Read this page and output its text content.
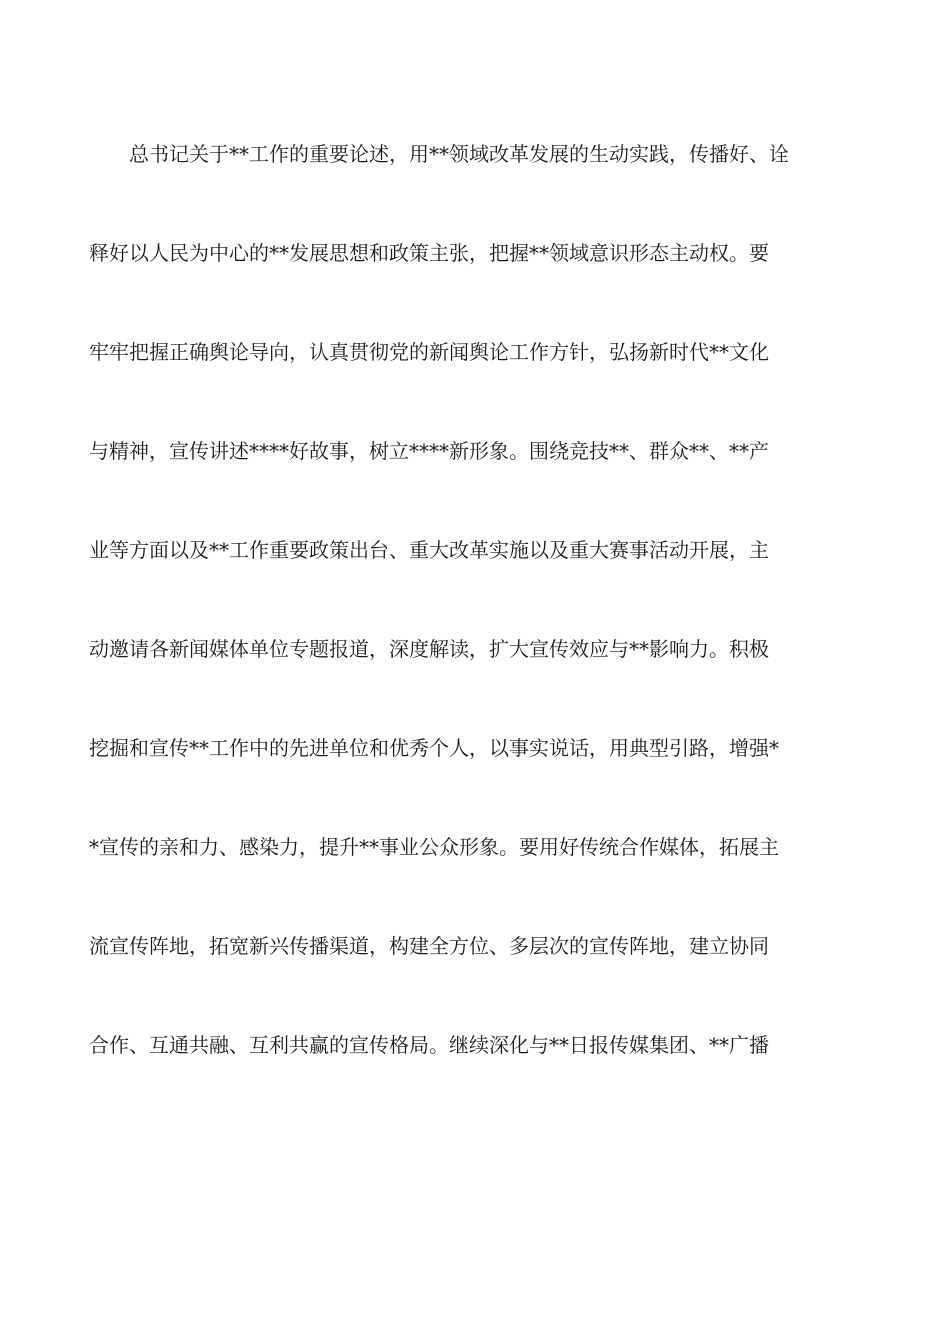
总书记关于**工作的重要论述，用**领域改革发展的生动实践，传播好、诠
释好以人民为中心的**发展思想和政策主张，把握**领域意识形态主动权。要
牢牢把握正确舆论导向，认真贯彻党的新闻舆论工作方针，弘扬新时代**文化
与精神，宣传讲述****好故事，树立****新形象。围绕竞技**、群众**、**产
业等方面以及**工作重要政策出台、重大改革实施以及重大赛事活动开展，主
动邀请各新闻媒体单位专题报道，深度解读，扩大宣传效应与**影响力。积极
挖掘和宣传**工作中的先进单位和优秀个人，以事实说话，用典型引路，增强*
*宣传的亲和力、感染力，提升**事业公众形象。要用好传统合作媒体，拓展主
流宣传阵地，拓宽新兴传播渠道，构建全方位、多层次的宣传阵地，建立协同
合作、互通共融、互利共赢的宣传格局。继续深化与**日报传媒集团、**广播
